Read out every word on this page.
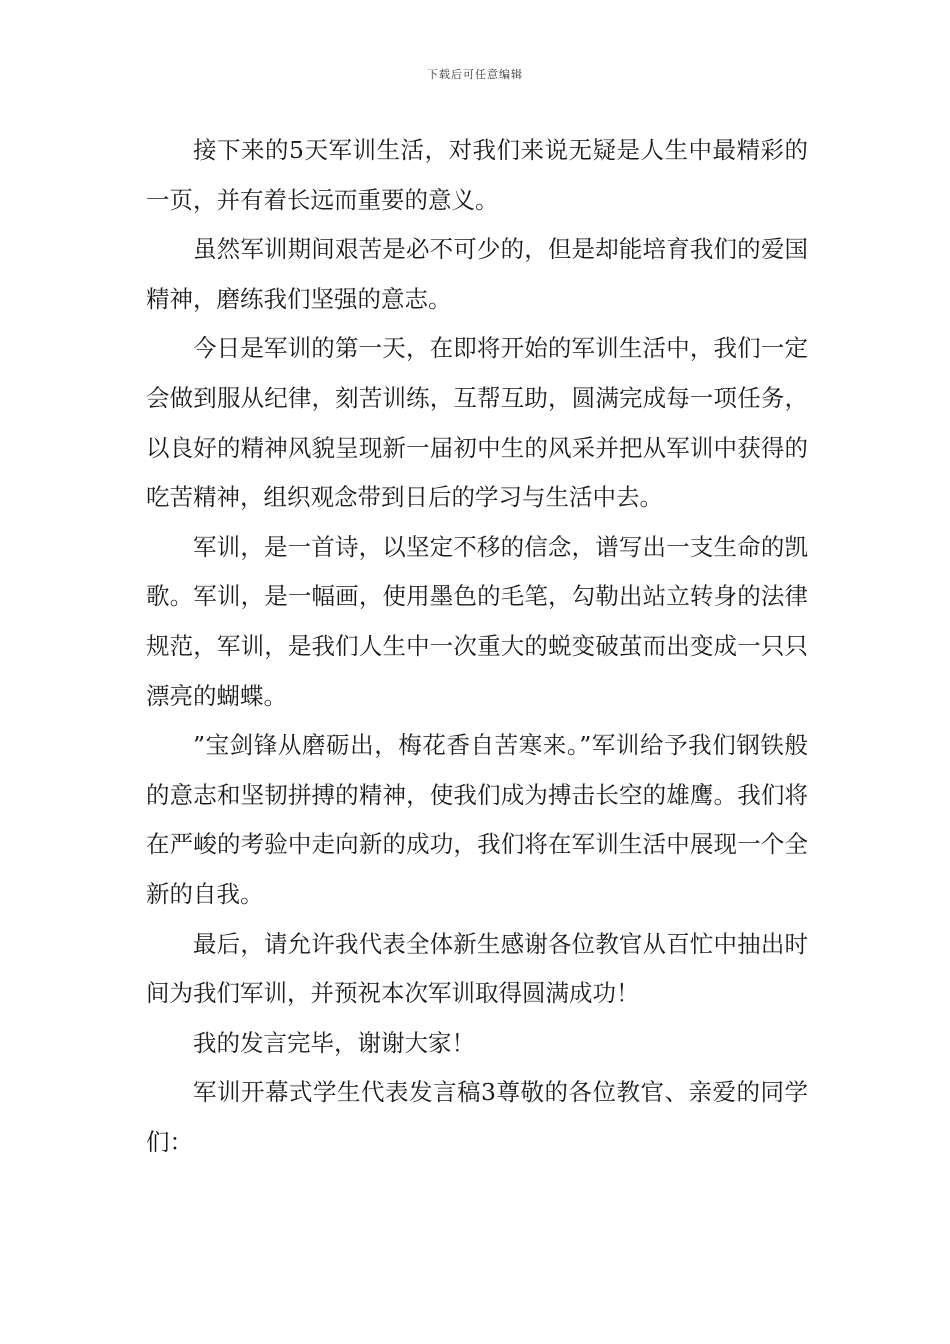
下载后可任意编辑

接下来的5天军训生活，对我们来说无疑是人生中最精彩的一页，并有着长远而重要的意义。

虽然军训期间艰苦是必不可少的，但是却能培育我们的爱国精神，磨练我们坚强的意志。

今日是军训的第一天，在即将开始的军训生活中，我们一定会做到服从纪律，刻苦训练，互帮互助，圆满完成每一项任务，以良好的精神风貌呈现新一届初中生的风采并把从军训中获得的吃苦精神，组织观念带到日后的学习与生活中去。

军训，是一首诗，以坚定不移的信念，谱写出一支生命的凯歌。军训，是一幅画，使用墨色的毛笔，勾勒出站立转身的法律规范，军训，是我们人生中一次重大的蜕变破茧而出变成一只只漂亮的蝴蝶。

”宝剑锋从磨砺出，梅花香自苦寒来。”军训给予我们钢铁般的意志和坚韧拼搏的精神，使我们成为搏击长空的雄鹰。我们将在严峻的考验中走向新的成功，我们将在军训生活中展现一个全新的自我。

最后，请允许我代表全体新生感谢各位教官从百忙中抽出时间为我们军训，并预祝本次军训取得圆满成功！

我的发言完毕，谢谢大家！

军训开幕式学生代表发言稿3尊敬的各位教官、亲爱的同学们：
